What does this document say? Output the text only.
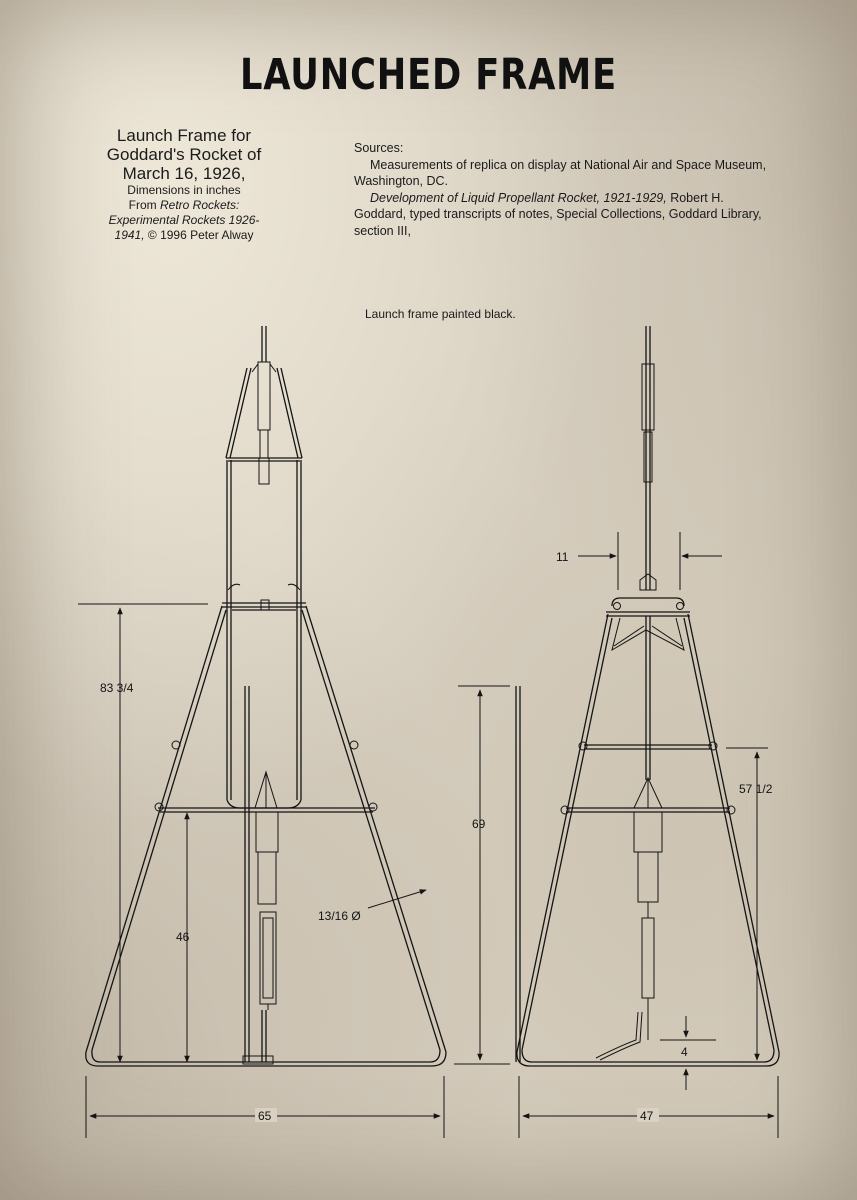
LAUNCHED FRAME
Launch Frame for
Goddard's Rocket of
March 16, 1926,
Dimensions in inches
From Retro Rockets:
Experimental Rockets 1926-
1941, © 1996 Peter Alway
Sources:
Measurements of replica on display at National Air and Space Museum, Washington, DC.
Development of Liquid Propellant Rocket, 1921-1929, Robert H. Goddard, typed transcripts of notes, Special Collections, Goddard Library, section III,
Launch frame painted black.
83 3/4
46
13/16 Ø
65
11
69
57 1/2
4
47
